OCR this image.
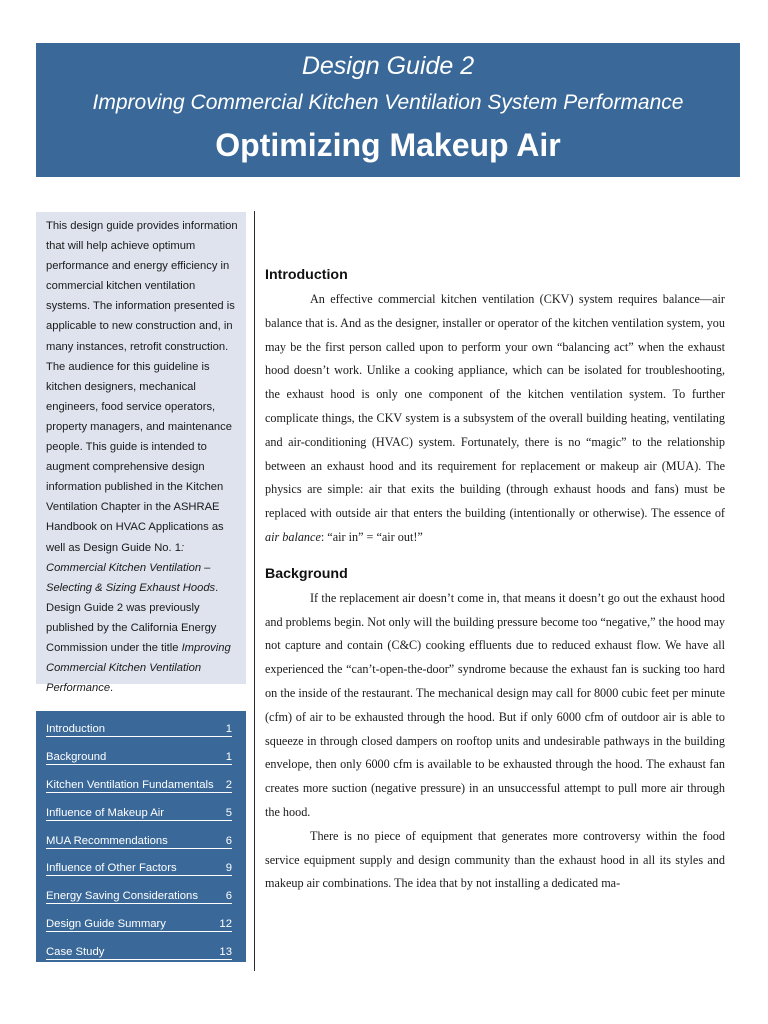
Design Guide 2
Improving Commercial Kitchen Ventilation System Performance
Optimizing Makeup Air

This design guide provides information that will help achieve optimum performance and energy efficiency in commercial kitchen ventilation systems. The information presented is applicable to new construction and, in many instances, retrofit construction. The audience for this guideline is kitchen designers, mechanical engineers, food service operators, property managers, and maintenance people. This guide is intended to augment comprehensive design information published in the Kitchen Ventilation Chapter in the ASHRAE Handbook on HVAC Applications as well as Design Guide No. 1: Commercial Kitchen Ventilation – Selecting & Sizing Exhaust Hoods. Design Guide 2 was previously published by the California Energy Commission under the title Improving Commercial Kitchen Ventilation Performance.

Introduction	1
Background	1
Kitchen Ventilation Fundamentals 2
Influence of Makeup Air	5
MUA Recommendations	6
Influence of Other Factors	9
Energy Saving Considerations 6
Design Guide Summary	12
Case Study	13
Introduction

An effective commercial kitchen ventilation (CKV) system requires balance—air balance that is. And as the designer, installer or operator of the kitchen ventilation system, you may be the first person called upon to perform your own “balancing act” when the exhaust hood doesn’t work. Unlike a cooking appliance, which can be isolated for troubleshooting, the exhaust hood is only one component of the kitchen ventilation system. To further complicate things, the CKV system is a subsystem of the overall building heating, ventilating and air-conditioning (HVAC) system. Fortunately, there is no “magic” to the relationship between an exhaust hood and its requirement for replacement or makeup air (MUA). The physics are simple: air that exits the building (through exhaust hoods and fans) must be replaced with outside air that enters the building (intentionally or otherwise). The essence of air balance: “air in” = “air out!”

Background

If the replacement air doesn’t come in, that means it doesn’t go out the exhaust hood and problems begin. Not only will the building pressure become too “negative,” the hood may not capture and contain (C&C) cooking effluents due to reduced exhaust flow. We have all experienced the “can’t-open-the-door” syndrome because the exhaust fan is sucking too hard on the inside of the restaurant. The mechanical design may call for 8000 cubic feet per minute (cfm) of air to be exhausted through the hood. But if only 6000 cfm of outdoor air is able to squeeze in through closed dampers on rooftop units and undesirable pathways in the building envelope, then only 6000 cfm is available to be exhausted through the hood. The exhaust fan creates more suction (negative pressure) in an unsuccessful attempt to pull more air through the hood.

There is no piece of equipment that generates more controversy within the food service equipment supply and design community than the exhaust hood in all its styles and makeup air combinations. The idea that by not installing a dedicated ma-
